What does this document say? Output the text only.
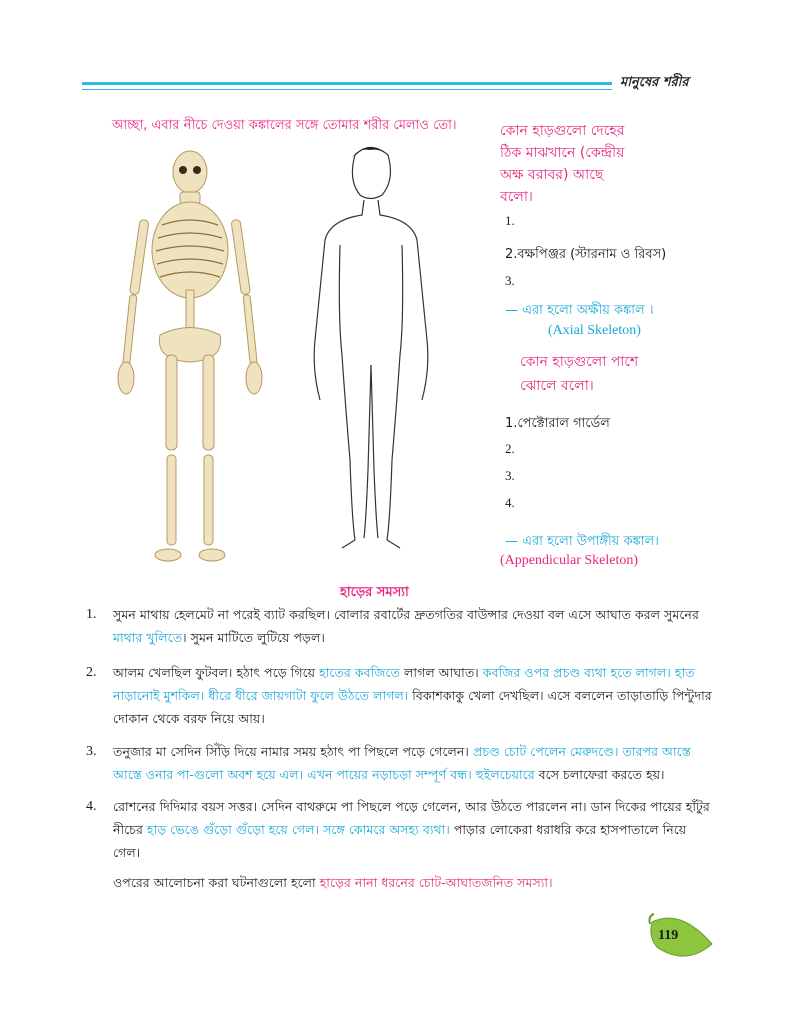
মানুষের শরীর
আচ্ছা, এবার নীচে দেওয়া কঙ্কালের সঙ্গে তোমার শরীর মেলাও তো।	কোন হাড়গুলো দেহের
ঠিক মাঝখানে (কেন্দ্রীয়
অক্ষ বরাবর) আছে
বলো।
1.
2.বক্ষপিঞ্জর (স্টারনাম ও রিবস)
3.
— এরা হলো অক্ষীয় কঙ্কাল ।
(Axial Skeleton)
কোন হাড়গুলো পাশে
ঝোলে বলো।
1.পেক্টোরাল গার্ডেল
2.
3.
4.
— এরা হলো উপাঙ্গীয় কঙ্কাল।
(Appendicular Skeleton)
হাড়ের সমস্যা
1. সুমন মাথায় হেলমেট না পরেই ব্যাট করছিল। বোলার রবার্টের দ্রুতগতির বাউন্সার দেওয়া বল এসে আঘাত করল সুমনের মাথার খুলিতে। সুমন মাটিতে লুটিয়ে পড়ল।
2. আলম খেলছিল ফুটবল। হঠাৎ পড়ে গিয়ে হাতের কবজিতে লাগল আঘাত। কবজির ওপর প্রচণ্ড ব্যথা হতে লাগল। হাত নাড়ানোই মুশকিল। ধীরে ধীরে জায়গাটা ফুলে উঠতে লাগল। বিকাশকাকু খেলা দেখছিল। এসে বললেন তাড়াতাড়ি পিন্টুদার দোকান থেকে বরফ নিয়ে আয়।
3. তনুজার মা সেদিন সিঁড়ি দিয়ে নামার সময় হঠাৎ পা পিছলে পড়ে গেলেন। প্রচণ্ড চোট পেলেন মেরুদণ্ডে। তারপর আস্তে আস্তে ওনার পা-গুলো অবশ হয়ে এল। এখন পায়ের নড়াচড়া সম্পূর্ণ বন্ধ। হুইলচেয়ারে বসে চলাফেরা করতে হয়।
4. রোশনের দিদিমার বয়স সত্তর। সেদিন বাথরুমে পা পিছলে পড়ে গেলেন, আর উঠতে পারলেন না। ডান দিকের পায়ের হাঁটুর নীচের হাড় ভেঙে গুঁড়ো গুঁড়ো হয়ে গেল। সঙ্গে কোমরে অসহ্য ব্যথা। পাড়ার লোকেরা ধরাধরি করে হাসপাতালে নিয়ে গেল।
ওপরের আলোচনা করা ঘটনাগুলো হলো হাড়ের নানা ধরনের চোট-আঘাতজনিত সমস্যা।
119
